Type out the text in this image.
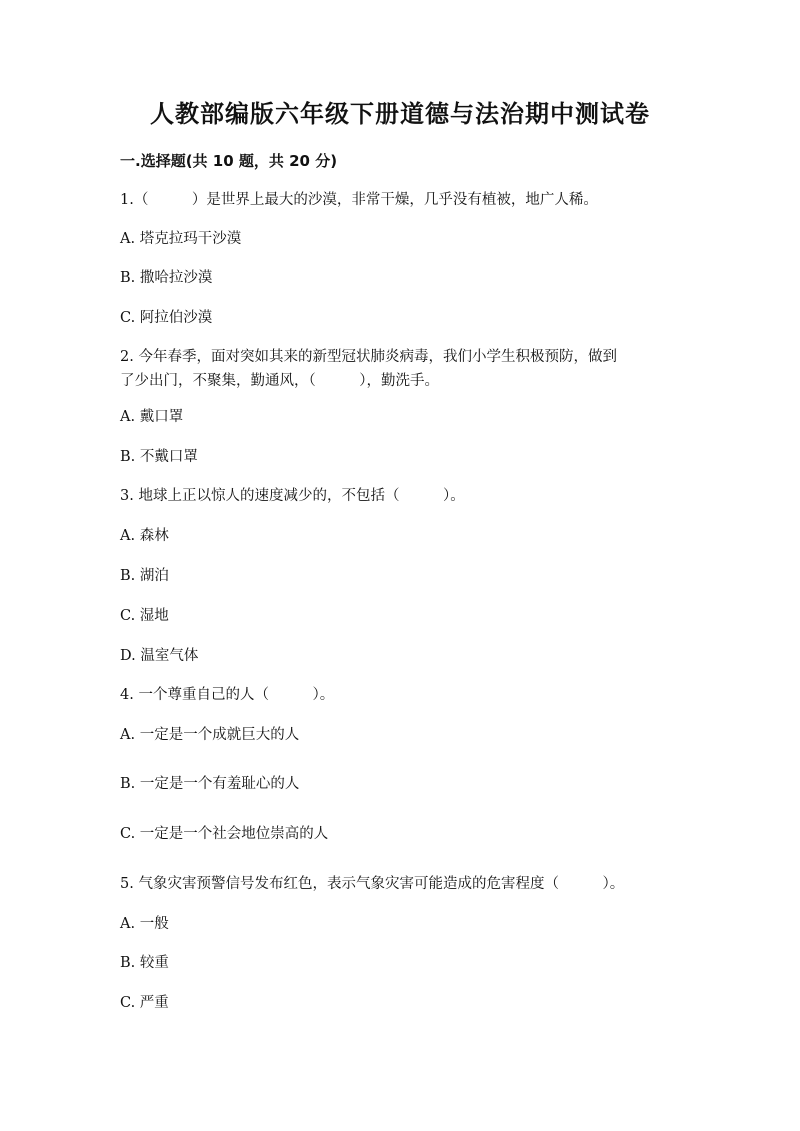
人教部编版六年级下册道德与法治期中测试卷
一.选择题(共 10 题，共 20 分)
1.（　　　）是世界上最大的沙漠，非常干燥，几乎没有植被，地广人稀。
A. 塔克拉玛干沙漠
B. 撒哈拉沙漠
C. 阿拉伯沙漠
2. 今年春季，面对突如其来的新型冠状肺炎病毒，我们小学生积极预防，做到
了少出门，不聚集，勤通风，（　　　），勤洗手。
A. 戴口罩
B. 不戴口罩
3. 地球上正以惊人的速度减少的，不包括（　　　）。
A. 森林
B. 湖泊
C. 湿地
D. 温室气体
4. 一个尊重自己的人（　　　）。
A. 一定是一个成就巨大的人
B. 一定是一个有羞耻心的人
C. 一定是一个社会地位崇高的人
5. 气象灾害预警信号发布红色，表示气象灾害可能造成的危害程度（　　　）。
A. 一般
B. 较重
C. 严重
